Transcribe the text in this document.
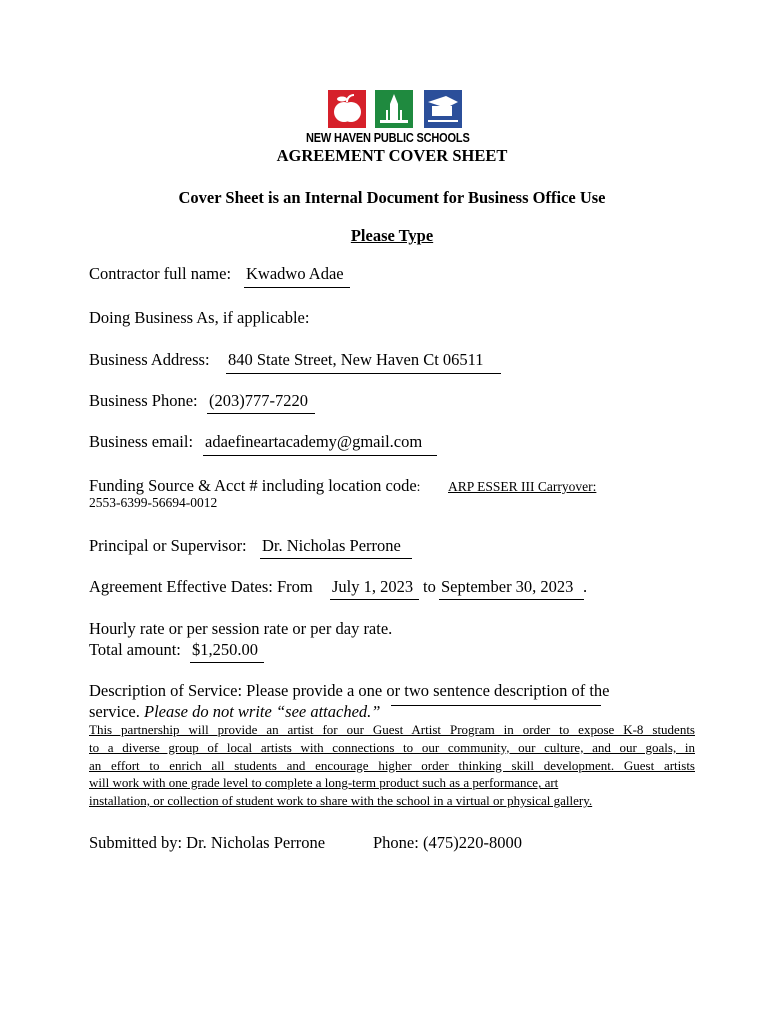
NEW HAVEN PUBLIC SCHOOLS
AGREEMENT COVER SHEET
Cover Sheet is an Internal Document for Business Office Use
Please Type
Contractor full name: Kwadwo Adae
Doing Business As, if applicable:
Business Address: 840 State Street, New Haven Ct 06511
Business Phone: (203)777-7220
Business email: adaefineartacademy@gmail.com
Funding Source & Acct # including location code: ARP ESSER III Carryover:
2553-6399-56694-0012
Principal or Supervisor: Dr. Nicholas Perrone
Agreement Effective Dates: From July 1, 2023 to September 30, 2023 .
Hourly rate or per session rate or per day rate.
Total amount: $1,250.00
Description of Service: Please provide a one or two sentence description of the
service. Please do not write “see attached.”
This partnership will provide an artist for our Guest Artist Program in order to expose K-8 students
to a diverse group of local artists with connections to our community, our culture, and our goals, in
an effort to enrich all students and encourage higher order thinking skill development. Guest artists
will work with one grade level to complete a long-term product such as a performance, art
installation, or collection of student work to share with the school in a virtual or physical gallery.
Submitted by: Dr. Nicholas Perrone	Phone: (475)220-8000
